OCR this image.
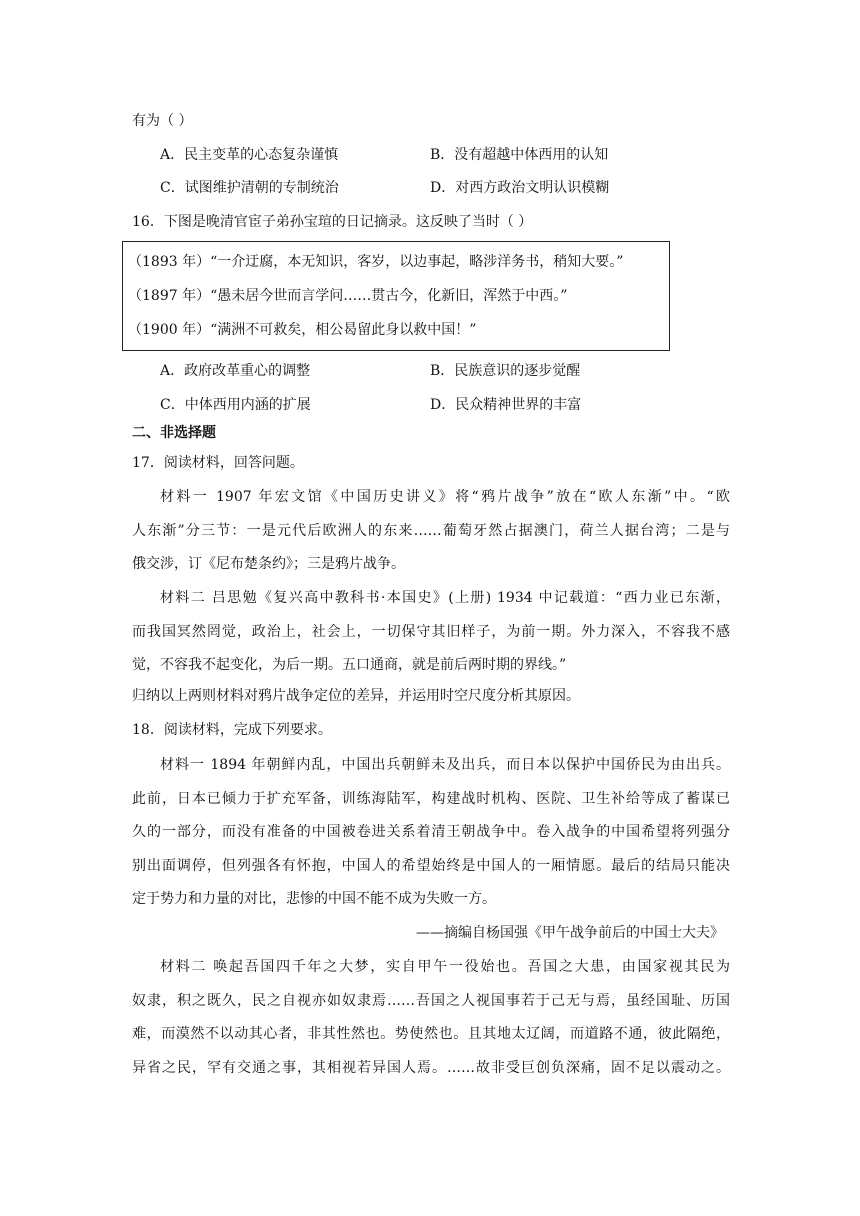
有为（ ）
A．民主变革的心态复杂谨慎	B．没有超越中体西用的认知
C．试图维护清朝的专制统治	D．对西方政治文明认识模糊
16．下图是晚清官宦子弟孙宝瑄的日记摘录。这反映了当时（ ）
（1893 年）“一介迂腐，本无知识，客岁，以边事起，略涉洋务书，稍知大要。”
（1897 年）“愚未居今世而言学问……贯古今，化新旧，浑然于中西。”
（1900 年）“满洲不可救矣，相公曷留此身以救中国！”
A．政府改革重心的调整	B．民族意识的逐步觉醒
C．中体西用内涵的扩展	D．民众精神世界的丰富
二、非选择题
17．阅读材料，回答问题。
材料一 1907 年宏文馆《中国历史讲义》将“鸦片战争”放在“欧人东渐”中。“欧
人东渐”分三节：一是元代后欧洲人的东来……葡萄牙然占据澳门，荷兰人据台湾；二是与
俄交涉，订《尼布楚条约》；三是鸦片战争。
材料二 吕思勉《复兴高中教科书·本国史》(上册) 1934 中记载道：“西力业已东渐，
而我国冥然罔觉，政治上，社会上，一切保守其旧样子，为前一期。外力深入，不容我不感
觉，不容我不起变化，为后一期。五口通商，就是前后两时期的界线。”
归纳以上两则材料对鸦片战争定位的差异，并运用时空尺度分析其原因。
18．阅读材料，完成下列要求。
材料一 1894 年朝鲜内乱，中国出兵朝鲜未及出兵，而日本以保护中国侨民为由出兵。
此前，日本已倾力于扩充军备，训练海陆军，构建战时机构、医院、卫生补给等成了蓄谋已
久的一部分，而没有准备的中国被卷进关系着清王朝战争中。卷入战争的中国希望将列强分
别出面调停，但列强各有怀抱，中国人的希望始终是中国人的一厢情愿。最后的结局只能决
定于势力和力量的对比，悲惨的中国不能不成为失败一方。
——摘编自杨国强《甲午战争前后的中国士大夫》
材料二 唤起吾国四千年之大梦，实自甲午一役始也。吾国之大患，由国家视其民为
奴隶，积之既久，民之自视亦如奴隶焉……吾国之人视国事若于己无与焉，虽经国耻、历国
难，而漠然不以动其心者，非其性然也。势使然也。且其地太辽阔，而道路不通，彼此隔绝，
异省之民，罕有交通之事，其相视若异国人焉。……故非受巨创负深痛，固不足以震动之。
